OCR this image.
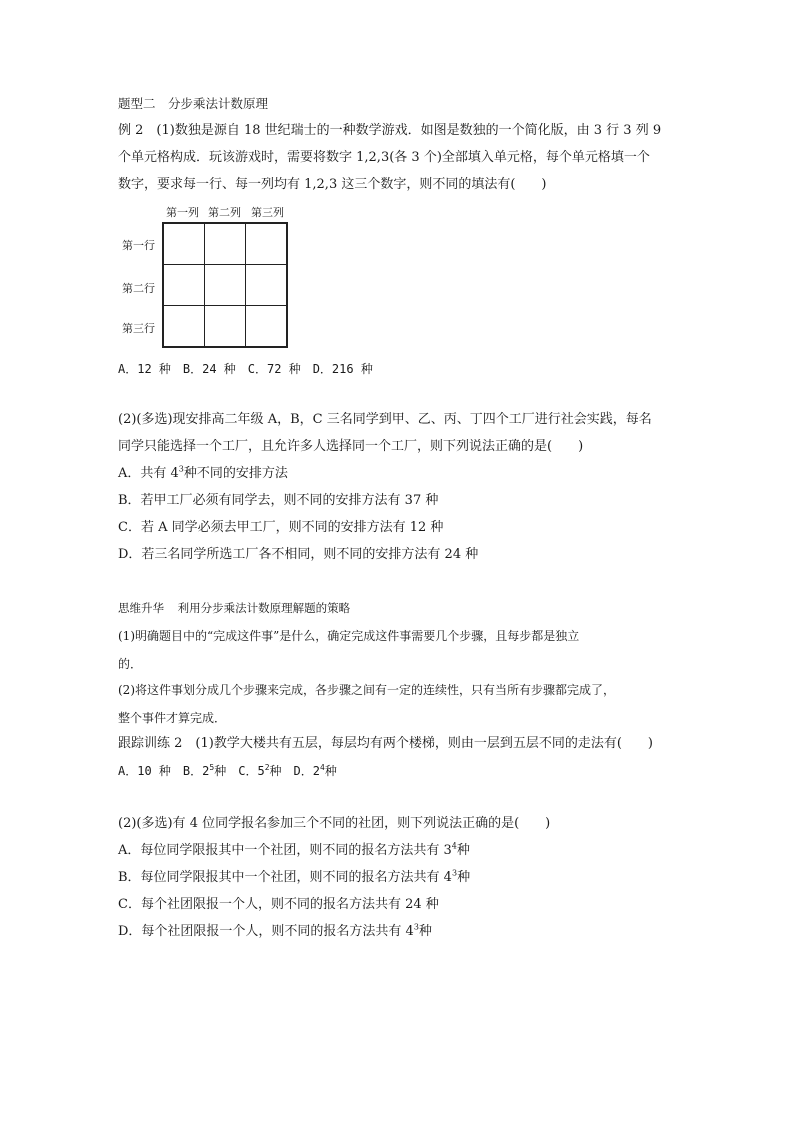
题型二　分步乘法计数原理
例 2　(1)数独是源自 18 世纪瑞士的一种数学游戏．如图是数独的一个简化版，由 3 行 3 列 9
个单元格构成．玩该游戏时，需要将数字 1,2,3(各 3 个)全部填入单元格，每个单元格填一个
数字，要求每一行、每一列均有 1,2,3 这三个数字，则不同的填法有(　　)
第一列 第二列 第三列
第一行
第二行
第三行
A．12 种　B．24 种　C．72 种　D．216 种
(2)(多选)现安排高二年级 A，B，C 三名同学到甲、乙、丙、丁四个工厂进行社会实践，每名
同学只能选择一个工厂，且允许多人选择同一个工厂，则下列说法正确的是(　　)
A．共有 $4^3$种不同的安排方法
B．若甲工厂必须有同学去，则不同的安排方法有 37 种
C．若 A 同学必须去甲工厂，则不同的安排方法有 12 种
D．若三名同学所选工厂各不相同，则不同的安排方法有 24 种
思维升华 利用分步乘法计数原理解题的策略
(1)明确题目中的“完成这件事”是什么，确定完成这件事需要几个步骤，且每步都是独立
的．
(2)将这件事划分成几个步骤来完成，各步骤之间有一定的连续性，只有当所有步骤都完成了，
整个事件才算完成．
跟踪训练 2　(1)教学大楼共有五层，每层均有两个楼梯，则由一层到五层不同的走法有(　　)
A．10 种　 B．$2^5$种　 C．$5^2$种　 D．$2^4$种
(2)(多选)有 4 位同学报名参加三个不同的社团，则下列说法正确的是(　　)
A．每位同学限报其中一个社团，则不同的报名方法共有 $3^4$种
B．每位同学限报其中一个社团，则不同的报名方法共有 $4^3$种
C．每个社团限报一个人，则不同的报名方法共有 24 种
D．每个社团限报一个人，则不同的报名方法共有 $4^3$种
